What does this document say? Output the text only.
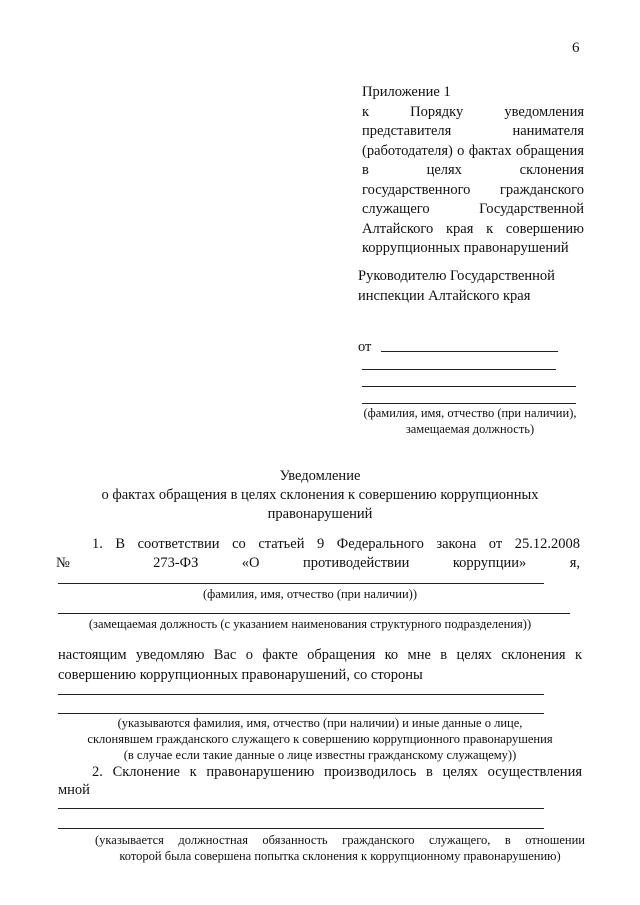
6
Приложение 1
к Порядку уведомления представителя нанимателя (работодателя) о фактах обращения в целях склонения государственного гражданского служащего Государственной Алтайского края к совершению коррупционных правонарушений
Руководителю Государственной
инспекции Алтайского края
от
(фамилия, имя, отчество (при наличии),
замещаемая должность)
Уведомление
о фактах обращения в целях склонения к совершению коррупционных
правонарушений
1. В соответствии со статьей 9 Федерального закона от 25.12.2008
№ 273-ФЗ «О противодействии коррупции» я,
(фамилия, имя, отчество (при наличии))
(замещаемая должность (с указанием наименования структурного подразделения))
настоящим уведомляю Вас о факте обращения ко мне в целях склонения к
совершению коррупционных правонарушений, со стороны
(указываются фамилия, имя, отчество (при наличии) и иные данные о лице,
склонявшем гражданского служащего к совершению коррупционного правонарушения
(в случае если такие данные о лице известны гражданскому служащему))
2. Склонение к правонарушению производилось в целях осуществления
мной
(указывается должностная обязанность гражданского служащего, в отношении
которой была совершена попытка склонения к коррупционному правонарушению)
